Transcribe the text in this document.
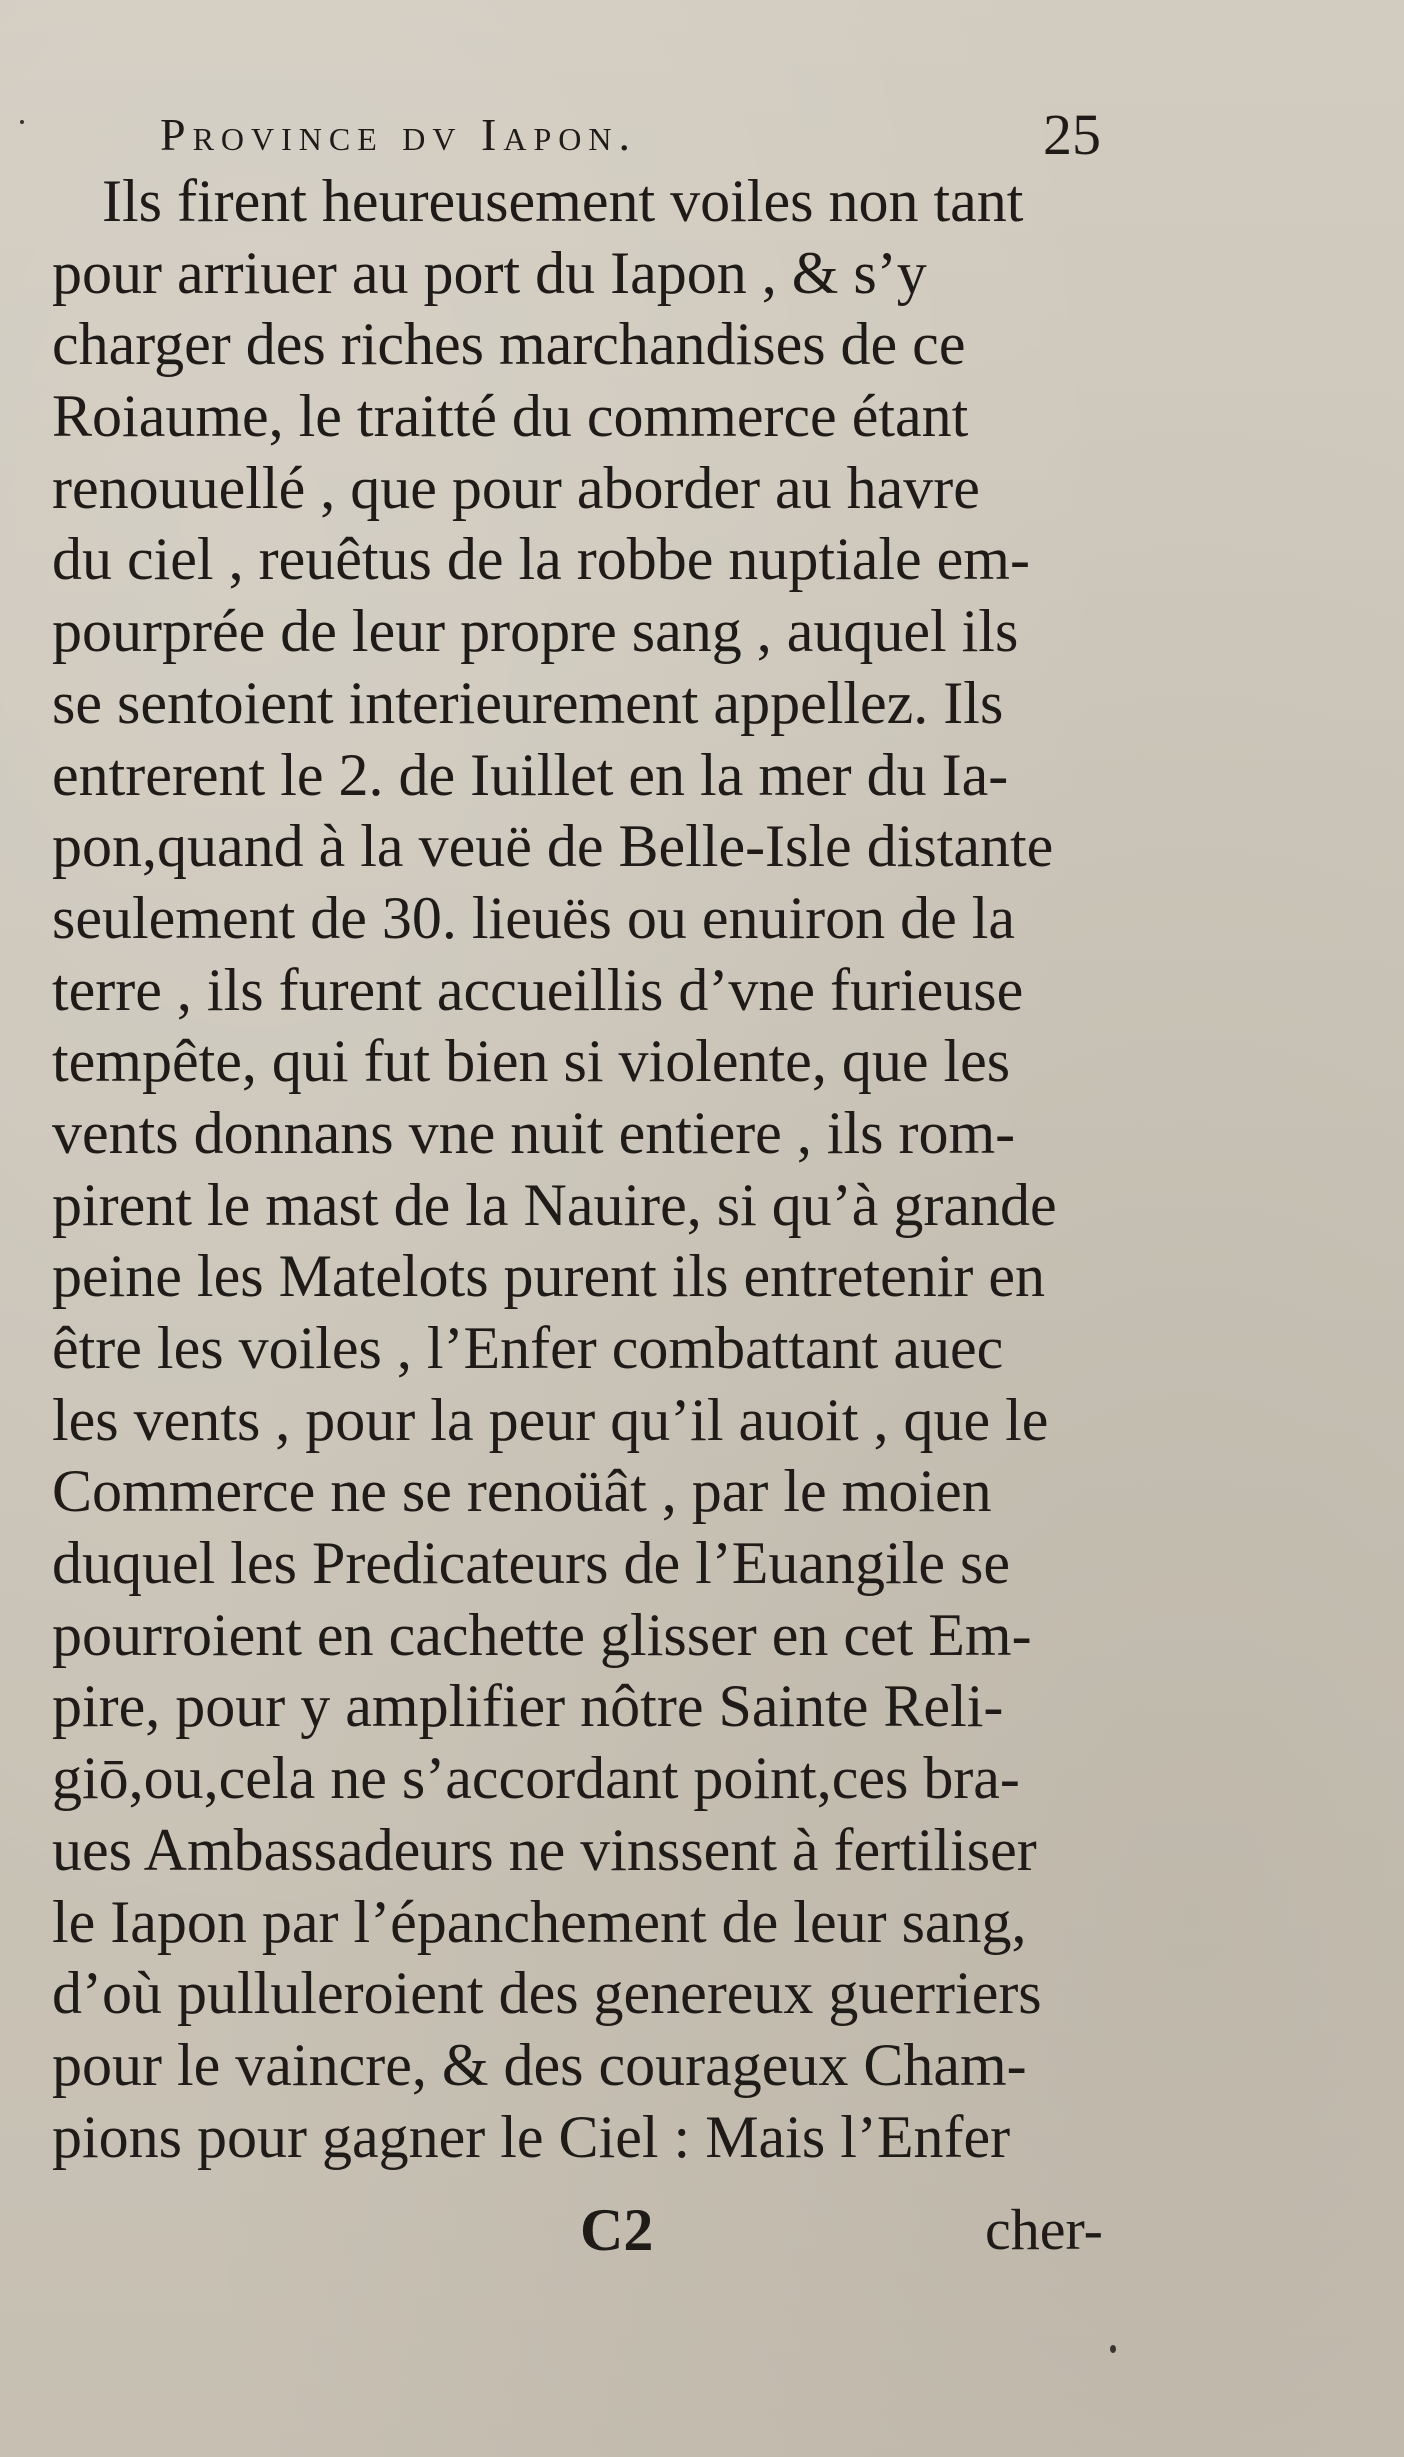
Province dv Iapon.	25
Ils firent heureusement voiles non tant
pour arriuer au port du Iapon , & s’y
charger des riches marchandises de ce
Roiaume, le traitté du commerce étant
renouuellé , que pour aborder au havre
du ciel , reuêtus de la robbe nuptiale em-
pourprée de leur propre sang , auquel ils
se sentoient interieurement appellez. Ils
entrerent le 2. de Iuillet en la mer du Ia-
pon,quand à la veuë de Belle-Isle distante
seulement de 30. lieuës ou enuiron de la
terre , ils furent accueillis d’vne furieuse
tempête, qui fut bien si violente, que les
vents donnans vne nuit entiere , ils rom-
pirent le mast de la Nauire, si qu’à grande
peine les Matelots purent ils entretenir en
être les voiles , l’Enfer combattant auec
les vents , pour la peur qu’il auoit , que le
Commerce ne se renoüât , par le moien
duquel les Predicateurs de l’Euangile se
pourroient en cachette glisser en cet Em-
pire, pour y amplifier nôtre Sainte Reli-
giō,ou,cela ne s’accordant point,ces bra-
ues Ambassadeurs ne vinssent à fertiliser
le Iapon par l’épanchement de leur sang,
d’où pulluleroient des genereux guerriers
pour le vaincre, & des courageux Cham-
pions pour gagner le Ciel : Mais l’Enfer
C2	cher-
